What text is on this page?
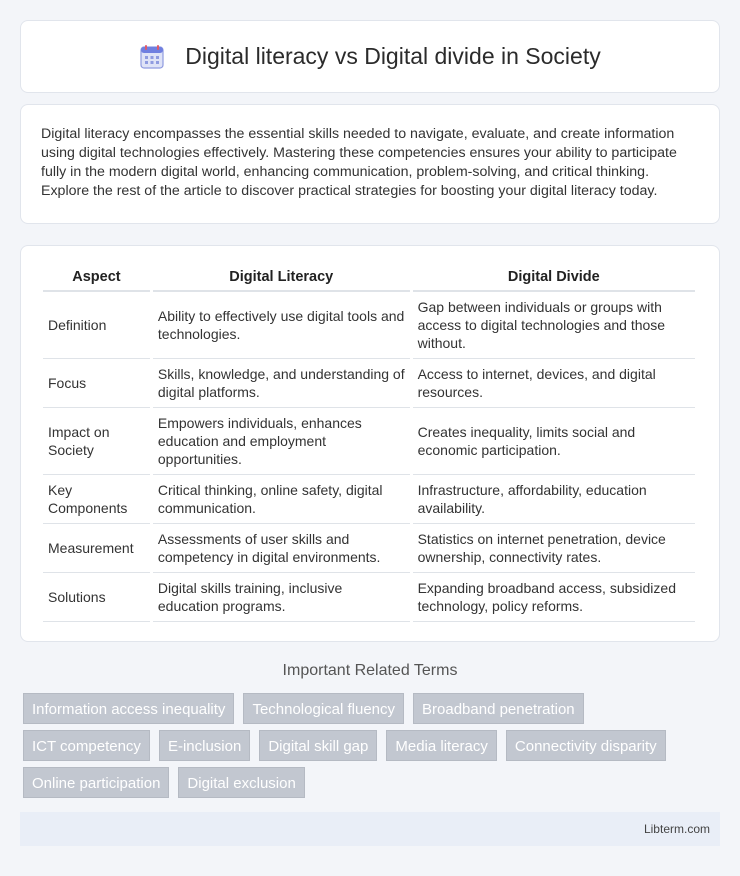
Digital literacy vs Digital divide in Society

Digital literacy encompasses the essential skills needed to navigate, evaluate, and create information using digital technologies effectively. Mastering these competencies ensures your ability to participate fully in the modern digital world, enhancing communication, problem-solving, and critical thinking. Explore the rest of the article to discover practical strategies for boosting your digital literacy today.

Aspect	Digital Literacy	Digital Divide
Definition	Ability to effectively use digital tools and technologies.	Gap between individuals or groups with access to digital technologies and those without.
Focus	Skills, knowledge, and understanding of digital platforms.	Access to internet, devices, and digital resources.
Impact on Society	Empowers individuals, enhances education and employment opportunities.	Creates inequality, limits social and economic participation.
Key Components	Critical thinking, online safety, digital communication.	Infrastructure, affordability, education availability.
Measurement	Assessments of user skills and competency in digital environments.	Statistics on internet penetration, device ownership, connectivity rates.
Solutions	Digital skills training, inclusive education programs.	Expanding broadband access, subsidized technology, policy reforms.
Important Related Terms
Information access inequality	Technological fluency	Broadband penetration
ICT competency	E-inclusion	Digital skill gap	Media literacy	Connectivity disparity
Online participation	Digital exclusion
Libterm.com
